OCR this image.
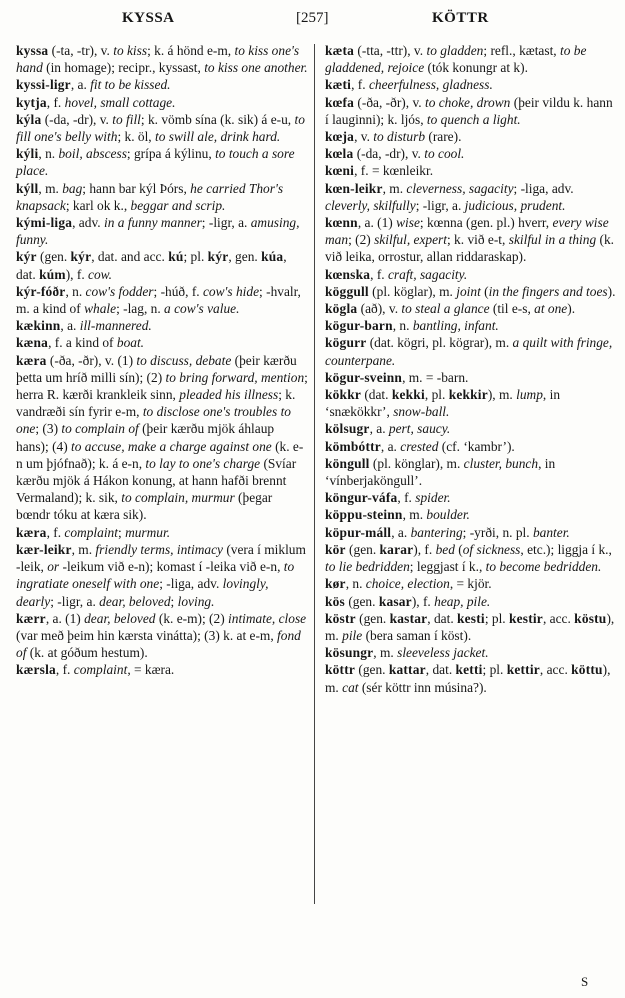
KYSSA	[257]	KÖTTR

kyssa (-ta, -tr), v. to kiss; k. á hönd e-m, to kiss one's hand (in homage); recipr., kyssast, to kiss one another.

kyssi-ligr, a. fit to be kissed.

kytja, f. hovel, small cottage.

kýla (-da, -dr), v. to fill; k. vömb sína (k. sik) á e-u, to fill one's belly with; k. öl, to swill ale, drink hard.

kýli, n. boil, abscess; grípa á kýlinu, to touch a sore place.

kýll, m. bag; hann bar kýl Þórs, he carried Thor's knapsack; karl ok k., beggar and scrip.

kými-liga, adv. in a funny manner; -ligr, a. amusing, funny.

kýr (gen. kýr, dat. and acc. kú; pl. kýr, gen. kúa, dat. kúm), f. cow.

kýr-fóðr, n. cow's fodder; -húð, f. cow's hide; -hvalr, m. a kind of whale; -lag, n. a cow's value.

kækinn, a. ill-mannered.

kæna, f. a kind of boat.

kæra (-ða, -ðr), v. (1) to discuss, debate (þeir kærðu þetta um hríð milli sín); (2) to bring forward, mention; herra R. kærði krankleik sinn, pleaded his illness; k. vandræði sín fyrir e-m, to disclose one's troubles to one; (3) to complain of (þeir kærðu mjök áhlaup hans); (4) to accuse, make a charge against one (k. e-n um þjófnað); k. á e-n, to lay to one's charge (Svíar kærðu mjök á Hákon konung, at hann hafði brennt Vermaland); k. sik, to complain, murmur (þegar bœndr tóku at kæra sik).

kæra, f. complaint; murmur.

kær-leikr, m. friendly terms, intimacy (vera í miklum -leik, or -leikum við e-n); komast í -leika við e-n, to ingratiate oneself with one; -liga, adv. lovingly, dearly; -ligr, a. dear, beloved; loving.

kærr, a. (1) dear, beloved (k. e-m); (2) intimate, close (var með þeim hin kærsta vinátta); (3) k. at e-m, fond of (k. at góðum hestum).

kærsla, f. complaint, = kæra.

kæta (-tta, -ttr), v. to gladden; refl., kætast, to be gladdened, rejoice (tók konungr at k).

kæti, f. cheerfulness, gladness.

kœfa (-ða, -ðr), v. to choke, drown (þeir vildu k. hann í lauginni); k. ljós, to quench a light.

kœja, v. to disturb (rare).

kœla (-da, -dr), v. to cool.

kœni, f. = kœnleikr.

kœn-leikr, m. cleverness, sagacity; -liga, adv. cleverly, skilfully; -ligr, a. judicious, prudent.

kœnn, a. (1) wise; kœnna (gen. pl.) hverr, every wise man; (2) skilful, expert; k. við e-t, skilful in a thing (k. við leika, orrostur, allan riddaraskap).

kœnska, f. craft, sagacity.

köggull (pl. köglar), m. joint (in the fingers and toes).

kögla (að), v. to steal a glance (til e-s, at one).

kögur-barn, n. bantling, infant.

kögurr (dat. kögri, pl. kögrar), m. a quilt with fringe, counterpane.

kögur-sveinn, m. = -barn.

kökkr (dat. kekki, pl. kekkir), m. lump, in ‘snækökkr’, snow-ball.

kölsugr, a. pert, saucy.

kömbóttr, a. crested (cf. ‘kambr’).

köngull (pl. könglar), m. cluster, bunch, in ‘vínberjaköngull’.

köngur-váfa, f. spider.

köppu-steinn, m. boulder.

köpur-máll, a. bantering; -yrði, n. pl. banter.

kör (gen. karar), f. bed (of sickness, etc.); liggja í k., to lie bedridden; leggjast í k., to become bedridden.

kør, n. choice, election, = kjör.

kös (gen. kasar), f. heap, pile.

köstr (gen. kastar, dat. kesti; pl. kestir, acc. köstu), m. pile (bera saman í köst).

kösungr, m. sleeveless jacket.

köttr (gen. kattar, dat. ketti; pl. kettir, acc. köttu), m. cat (sér köttr inn músina?).

S
